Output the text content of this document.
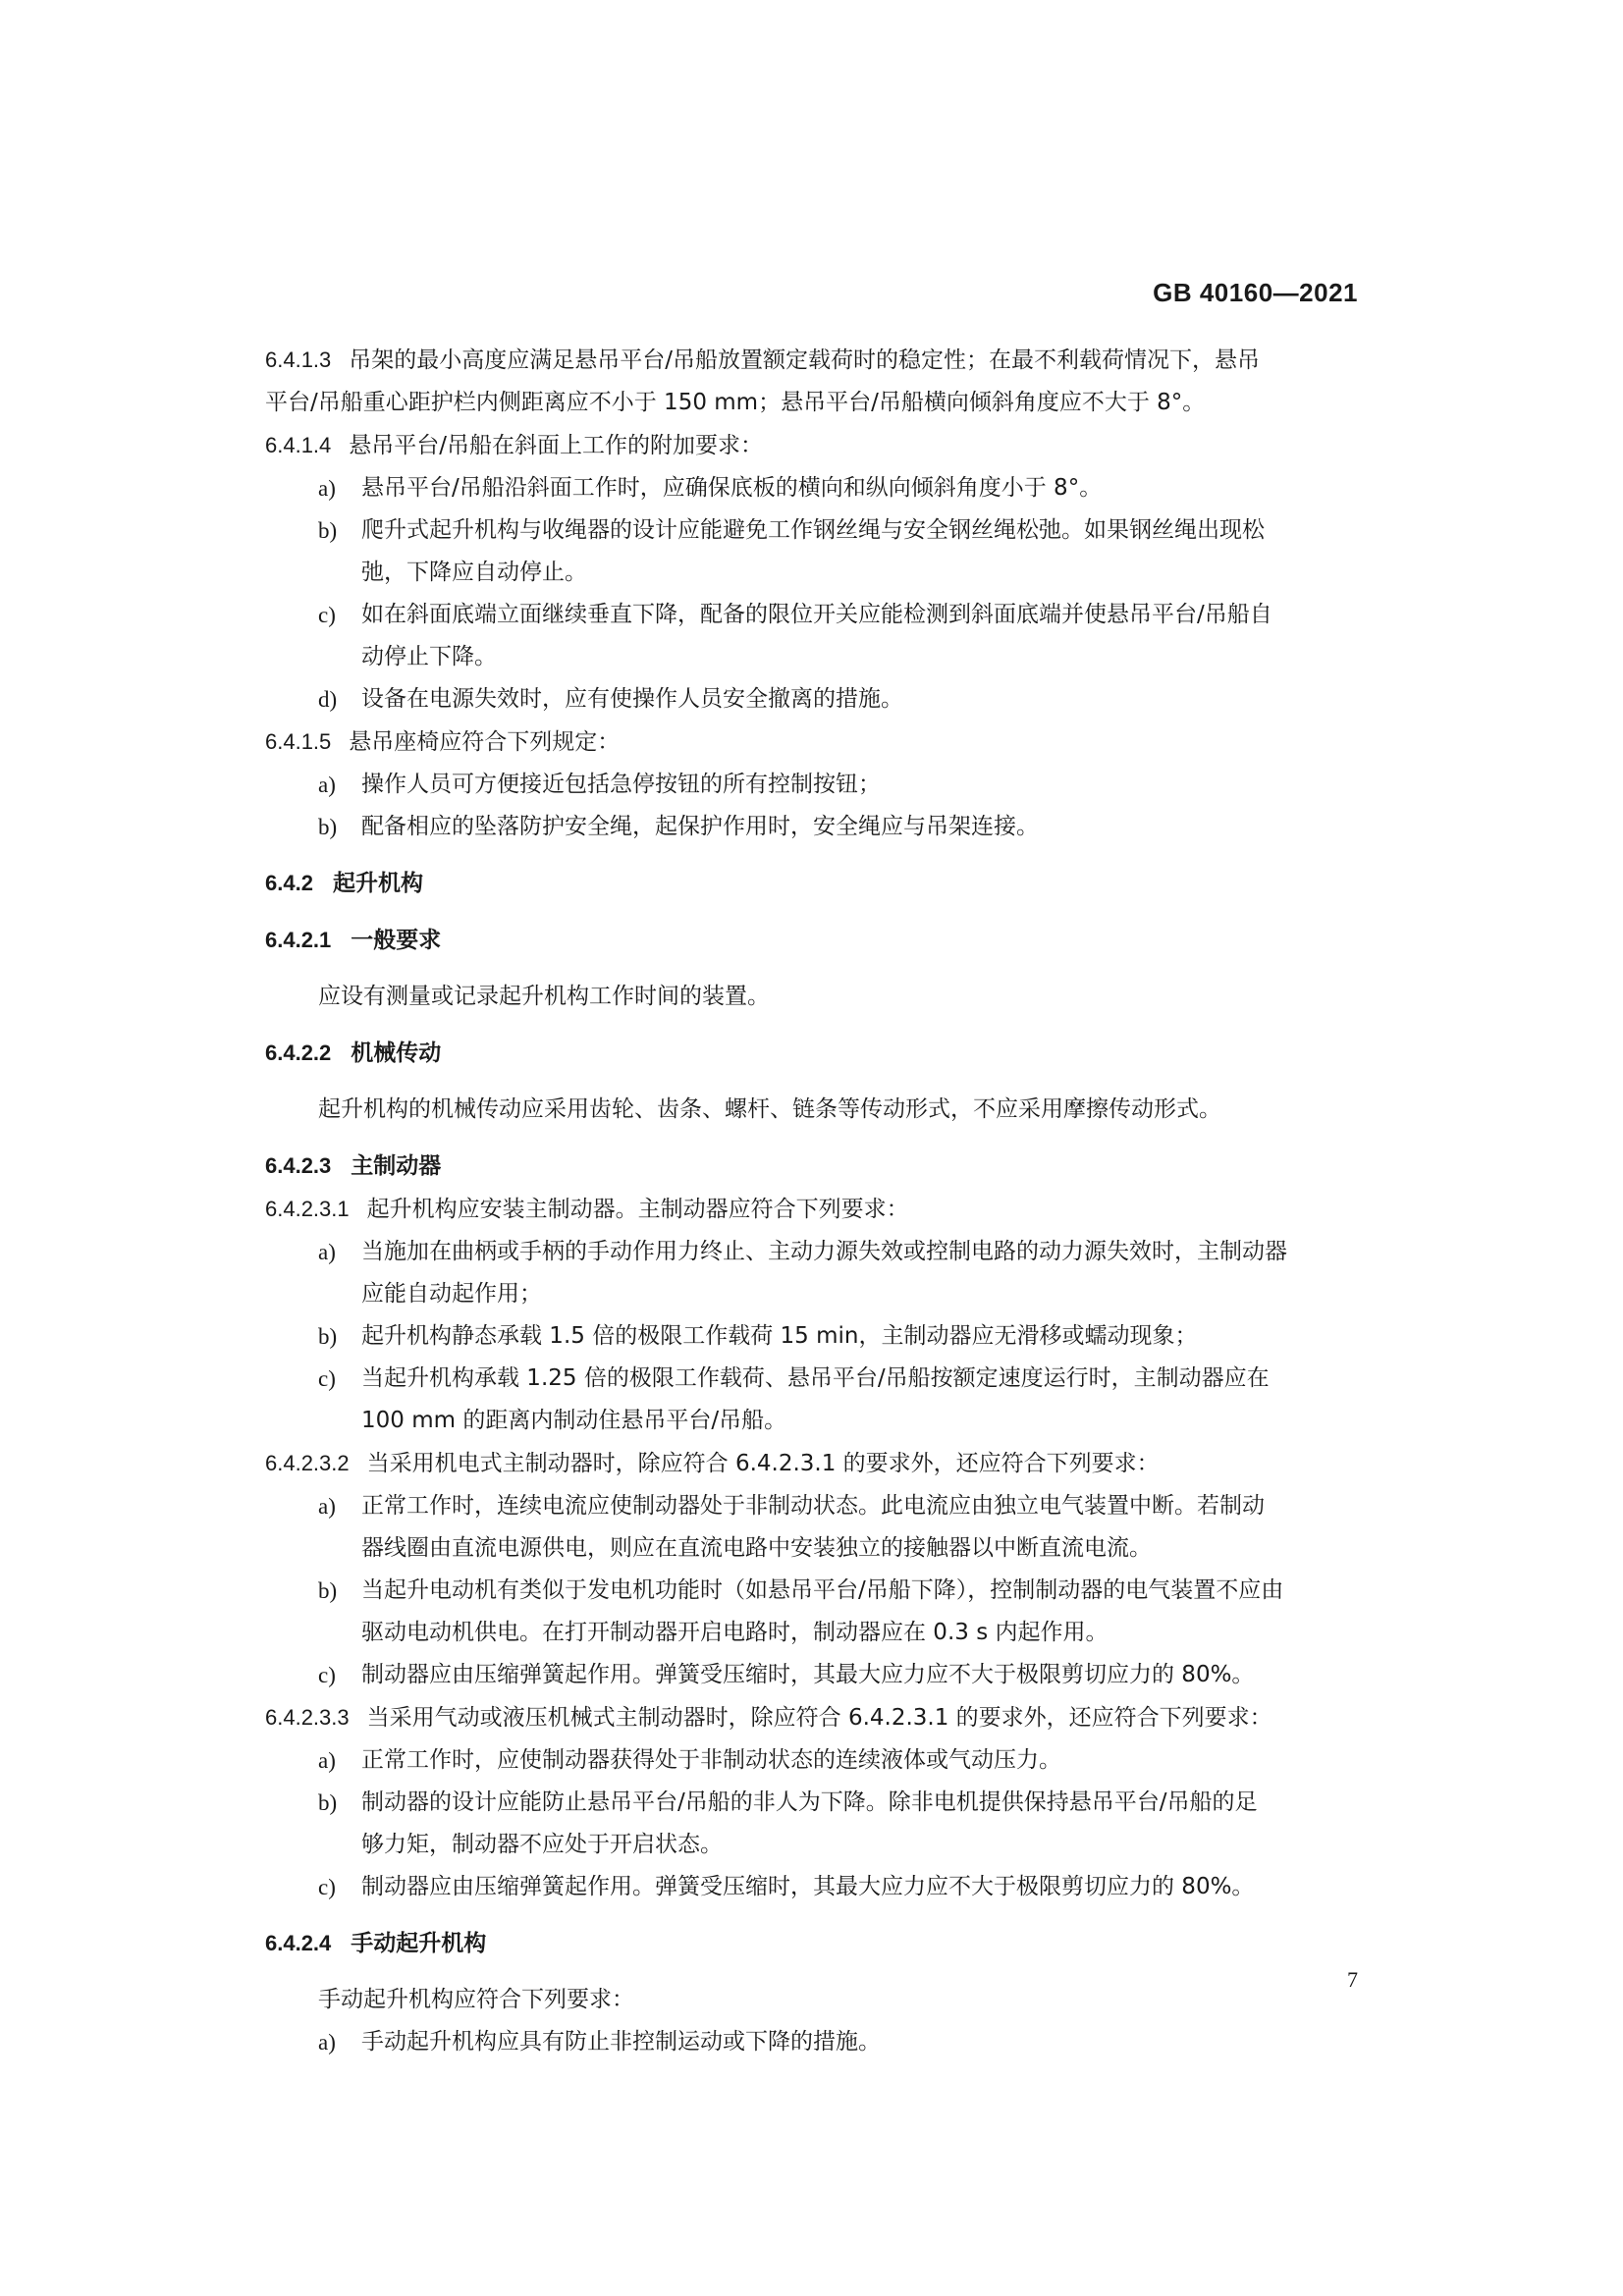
GB 40160—2021
6.4.1.3 吊架的最小高度应满足悬吊平台/吊船放置额定载荷时的稳定性；在最不利载荷情况下，悬吊
平台/吊船重心距护栏内侧距离应不小于 150 mm；悬吊平台/吊船横向倾斜角度应不大于 8°。
6.4.1.4 悬吊平台/吊船在斜面上工作的附加要求：
a)	悬吊平台/吊船沿斜面工作时，应确保底板的横向和纵向倾斜角度小于 8°。
b)	爬升式起升机构与收绳器的设计应能避免工作钢丝绳与安全钢丝绳松弛。如果钢丝绳出现松
弛，下降应自动停止。
c)	如在斜面底端立面继续垂直下降，配备的限位开关应能检测到斜面底端并使悬吊平台/吊船自
动停止下降。
d)	设备在电源失效时，应有使操作人员安全撤离的措施。
6.4.1.5 悬吊座椅应符合下列规定：
a)	操作人员可方便接近包括急停按钮的所有控制按钮；
b)	配备相应的坠落防护安全绳，起保护作用时，安全绳应与吊架连接。
6.4.2 起升机构
6.4.2.1 一般要求
应设有测量或记录起升机构工作时间的装置。
6.4.2.2 机械传动
起升机构的机械传动应采用齿轮、齿条、螺杆、链条等传动形式，不应采用摩擦传动形式。
6.4.2.3 主制动器
6.4.2.3.1 起升机构应安装主制动器。主制动器应符合下列要求：
a)	当施加在曲柄或手柄的手动作用力终止、主动力源失效或控制电路的动力源失效时，主制动器
应能自动起作用；
b)	起升机构静态承载 1.5 倍的极限工作载荷 15 min，主制动器应无滑移或蠕动现象；
c)	当起升机构承载 1.25 倍的极限工作载荷、悬吊平台/吊船按额定速度运行时，主制动器应在
100 mm 的距离内制动住悬吊平台/吊船。
6.4.2.3.2 当采用机电式主制动器时，除应符合 6.4.2.3.1 的要求外，还应符合下列要求：
a)	正常工作时，连续电流应使制动器处于非制动状态。此电流应由独立电气装置中断。若制动
器线圈由直流电源供电，则应在直流电路中安装独立的接触器以中断直流电流。
b)	当起升电动机有类似于发电机功能时（如悬吊平台/吊船下降），控制制动器的电气装置不应由
驱动电动机供电。在打开制动器开启电路时，制动器应在 0.3 s 内起作用。
c)	制动器应由压缩弹簧起作用。弹簧受压缩时，其最大应力应不大于极限剪切应力的 80%。
6.4.2.3.3 当采用气动或液压机械式主制动器时，除应符合 6.4.2.3.1 的要求外，还应符合下列要求：
a)	正常工作时，应使制动器获得处于非制动状态的连续液体或气动压力。
b)	制动器的设计应能防止悬吊平台/吊船的非人为下降。除非电机提供保持悬吊平台/吊船的足
够力矩，制动器不应处于开启状态。
c)	制动器应由压缩弹簧起作用。弹簧受压缩时，其最大应力应不大于极限剪切应力的 80%。
6.4.2.4 手动起升机构
手动起升机构应符合下列要求：
a)	手动起升机构应具有防止非控制运动或下降的措施。
7
